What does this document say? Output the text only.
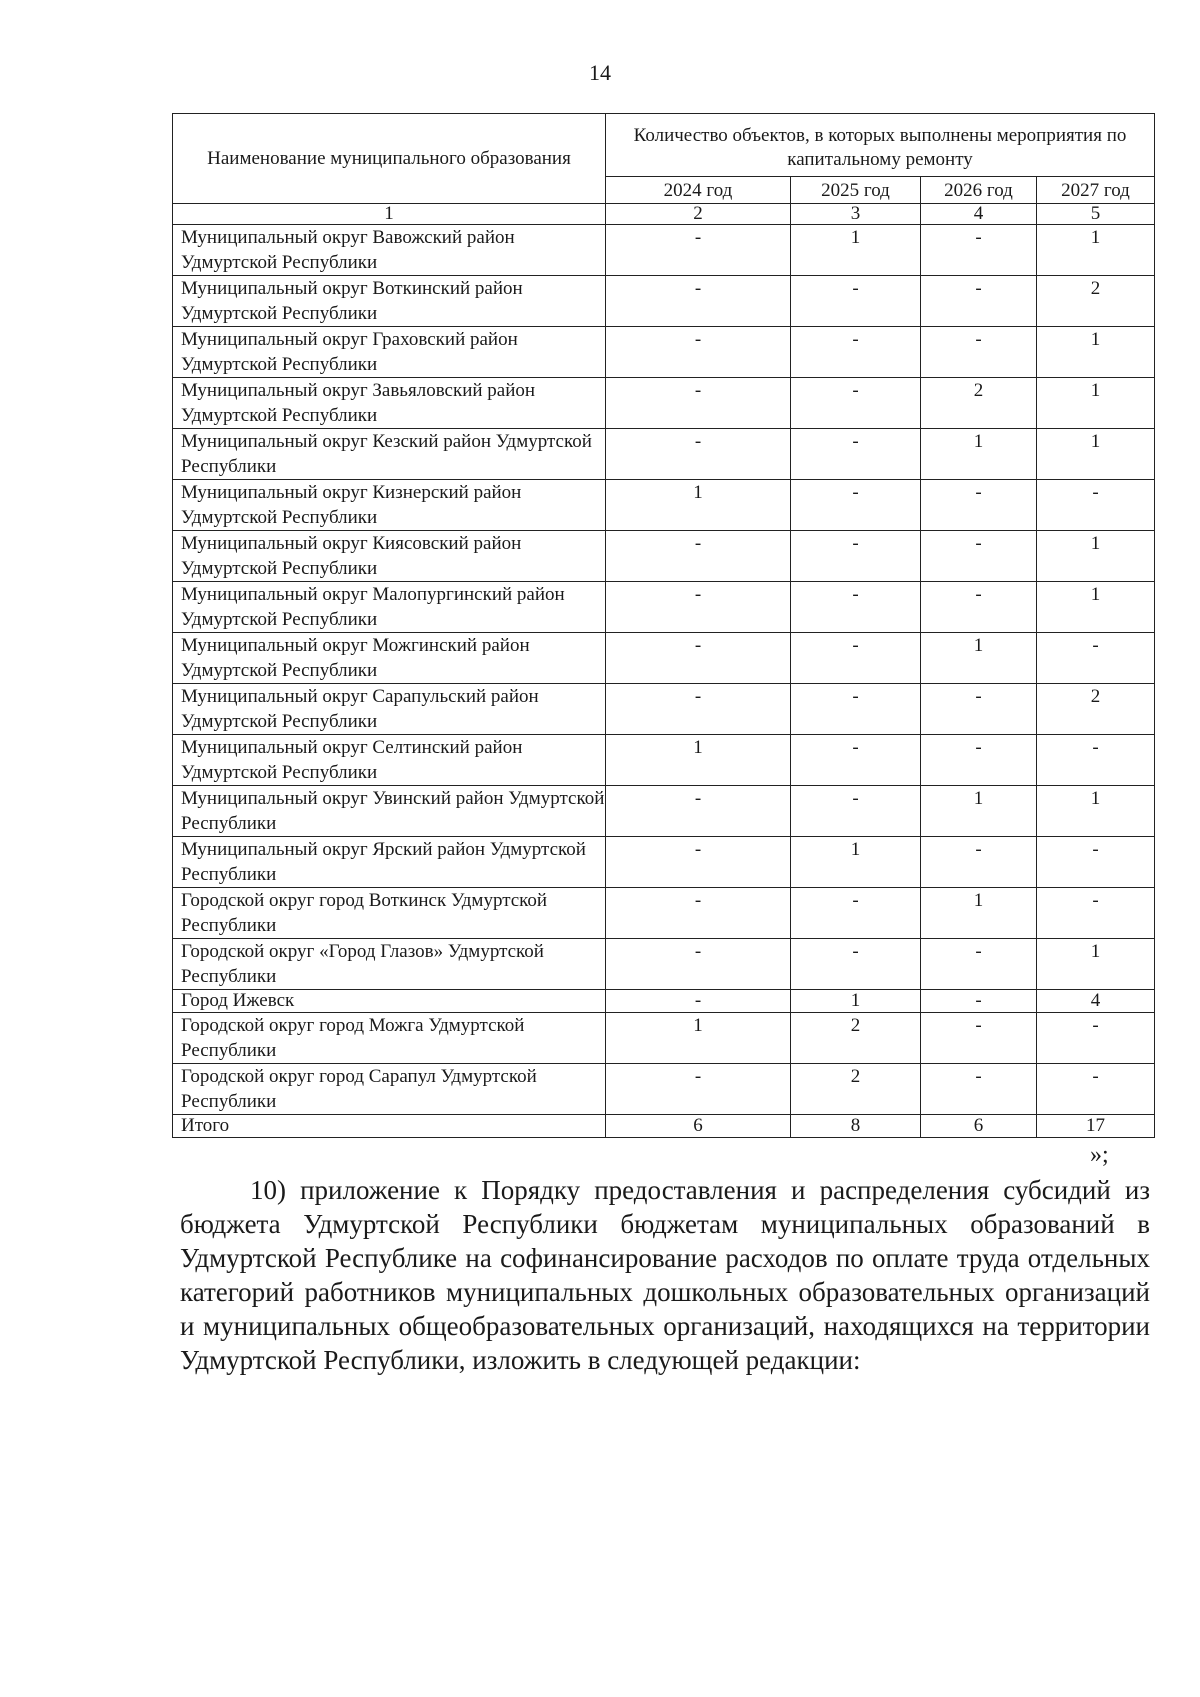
14
Наименование муниципального образования	Количество объектов, в которых выполнены мероприятия по капитальному ремонту			
	2024 год	2025 год	2026 год	2027 год
1	2	3	4	5
Муниципальный округ Вавожский район Удмуртской Республики	-	1	-	1
Муниципальный округ Воткинский район Удмуртской Республики	-	-	-	2
Муниципальный округ Граховский район Удмуртской Республики	-	-	-	1
Муниципальный округ Завьяловский район Удмуртской Республики	-	-	2	1
Муниципальный округ Кезский район Удмуртской Республики	-	-	1	1
Муниципальный округ Кизнерский район Удмуртской Республики	1	-	-	-
Муниципальный округ Киясовский район Удмуртской Республики	-	-	-	1
Муниципальный округ Малопургинский район Удмуртской Республики	-	-	-	1
Муниципальный округ Можгинский район Удмуртской Республики	-	-	1	-
Муниципальный округ Сарапульский район Удмуртской Республики	-	-	-	2
Муниципальный округ Селтинский район Удмуртской Республики	1	-	-	-
Муниципальный округ Увинский район Удмуртской Республики	-	-	1	1
Муниципальный округ Ярский район Удмуртской Республики	-	1	-	-
Городской округ город Воткинск Удмуртской Республики	-	-	1	-
Городской округ «Город Глазов» Удмуртской Республики	-	-	-	1
Город Ижевск	-	1	-	4
Городской округ город Можга Удмуртской Республики	1	2	-	-
Городской округ город Сарапул Удмуртской Республики	-	2	-	-
Итого	6	8	6	17
»;

10) приложение к Порядку предоставления и распределения субсидий из бюджета Удмуртской Республики бюджетам муниципальных образований в Удмуртской Республике на софинансирование расходов по оплате труда отдельных категорий работников муниципальных дошкольных образовательных организаций и муниципальных общеобразовательных организаций, находящихся на территории Удмуртской Республики, изложить в следующей редакции:
